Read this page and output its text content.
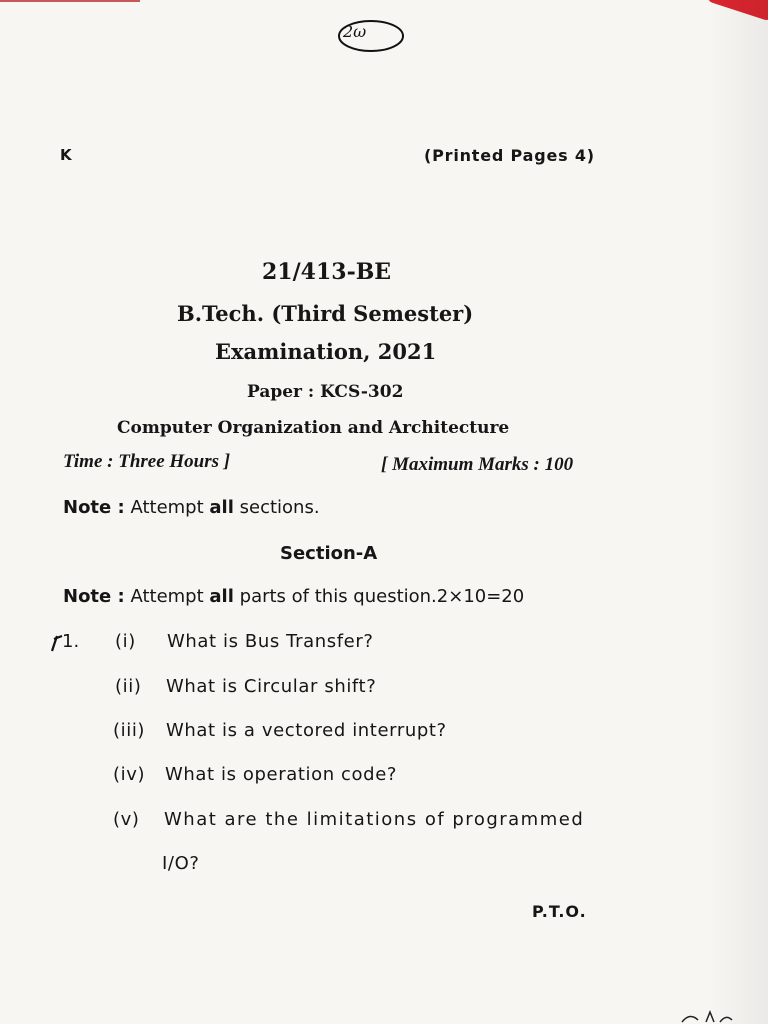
2ω
K	(Printed Pages 4)
21/413-BE
B.Tech. (Third Semester)
Examination, 2021
Paper : KCS-302
Computer Organization and Architecture
Time : Three Hours ]	[ Maximum Marks : 100
Note : Attempt all sections.
Section-A
Note : Attempt all parts of this question.2×10=20
1. (i) What is Bus Transfer?
(ii) What is Circular shift?
(iii) What is a vectored interrupt?
(iv) What is operation code?
(v) What are the limitations of programmed
I/O?
P.T.O.
